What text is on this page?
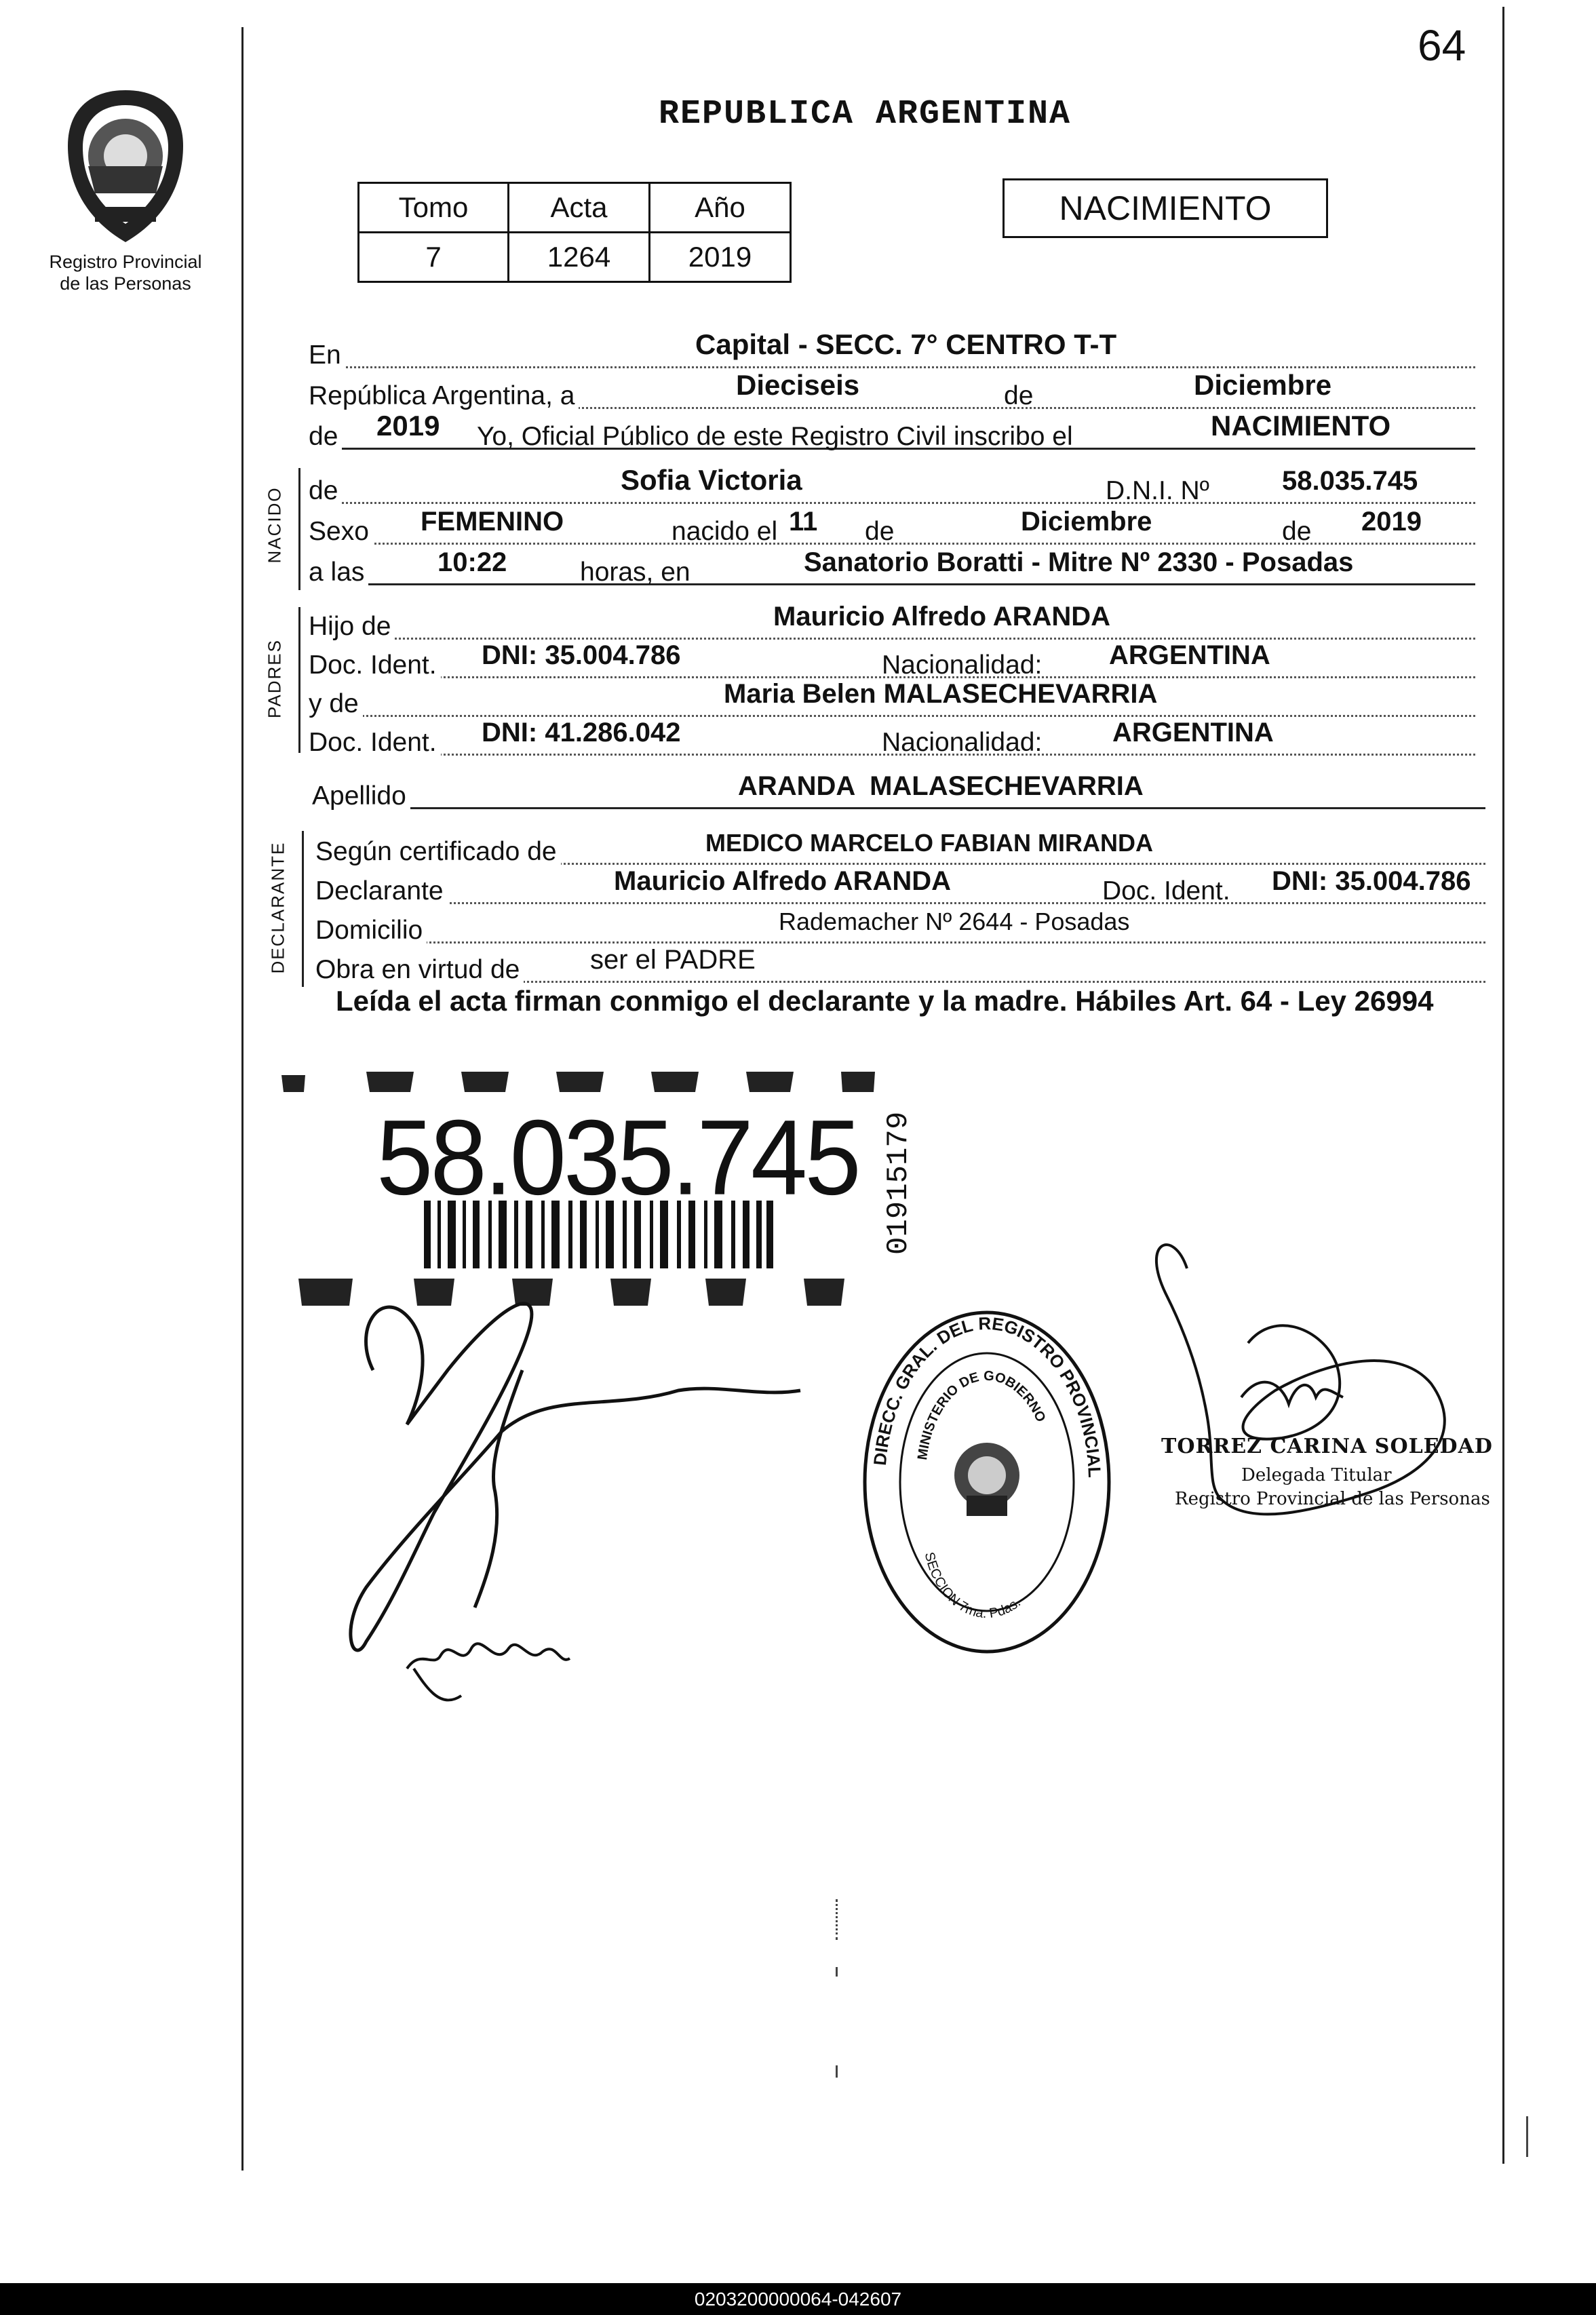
64
Registro Provincial
de las Personas
REPUBLICA ARGENTINA
Tomo	Acta	Año
7	1264	2019
NACIMIENTO
En	Capital - SECC. 7° CENTRO T-T
República Argentina, a	Dieciseis	de	Diciembre
de 2019 Yo, Oficial Público de este Registro Civil inscribo el	NACIMIENTO
NACIDO de	Sofia Victoria	D.N.I. Nº	58.035.745
Sexo FEMENINO	nacido el 11 de	Diciembre	de 2019
a las	10:22	horas, en	Sanatorio Boratti - Mitre Nº 2330 - Posadas
PADRES
Hijo de	Mauricio Alfredo ARANDA
Doc. Ident. DNI: 35.004.786	Nacionalidad: ARGENTINA
y de	Maria Belen MALASECHEVARRIA
Doc. Ident. DNI: 41.286.042	Nacionalidad:	ARGENTINA
Apellido	ARANDA  MALASECHEVARRIA
DECLARANTE Según certificado de	MEDICO MARCELO FABIAN MIRANDA
Declarante	Mauricio Alfredo ARANDA	Doc. Ident. DNI: 35.004.786
Domicilio	Rademacher Nº 2644 - Posadas
Obra en virtud de	ser el PADRE
Leída el acta firman conmigo el declarante y la madre. Hábiles Art. 64 - Ley 26994
58.035.745 01915179
DIRECC. GRAL. DEL REGISTRO PROVINCIAL
MINISTERIO DE GOBIERNO
SECCION 7ma. Pdas.
TORREZ CARINA SOLEDAD
Delegada Titular
Registro Provincial de las Personas
0203200000064-042607
